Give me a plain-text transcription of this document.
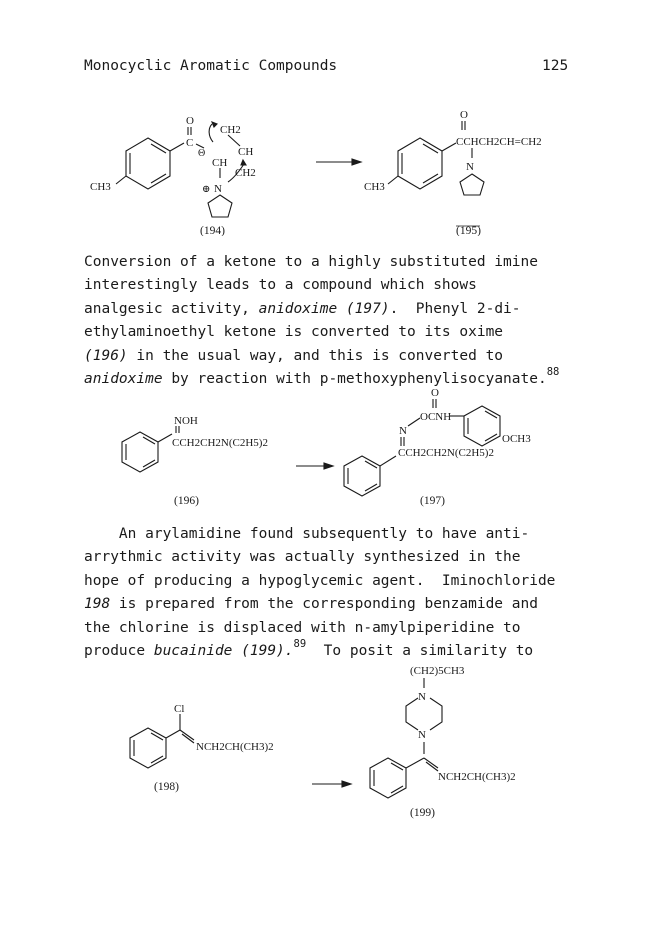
Monocyclic Aromatic Compounds	125
CH3
C
O
Θ
CH2
CH
CH
CH2
⊕ N
(194)
CH3
O
CCHCH2CH=CH2
N
(195)
Conversion of a ketone to a highly substituted imine
interestingly leads to a compound which shows
analgesic activity, anidoxime (197).  Phenyl 2-di-
ethylaminoethyl ketone is converted to its oxime
(196) in the usual way, and this is converted to
anidoxime by reaction with p-methoxyphenylisocyanate.$^{88}$
NOH
CCH2CH2N(C2H5)2
(196)
CCH2CH2N(C2H5)2
N
OCNH
O
OCH3
(197)
An arylamidine found subsequently to have anti-
arrythmic activity was actually synthesized in the
hope of producing a hypoglycemic agent.  Iminochloride
198 is prepared from the corresponding benzamide and
the chlorine is displaced with n-amylpiperidine to
produce bucainide (199).$^{89}$  To posit a similarity to
Cl
NCH2CH(CH3)2
(198)
(CH2)5CH3
N
N
NCH2CH(CH3)2
(199)
